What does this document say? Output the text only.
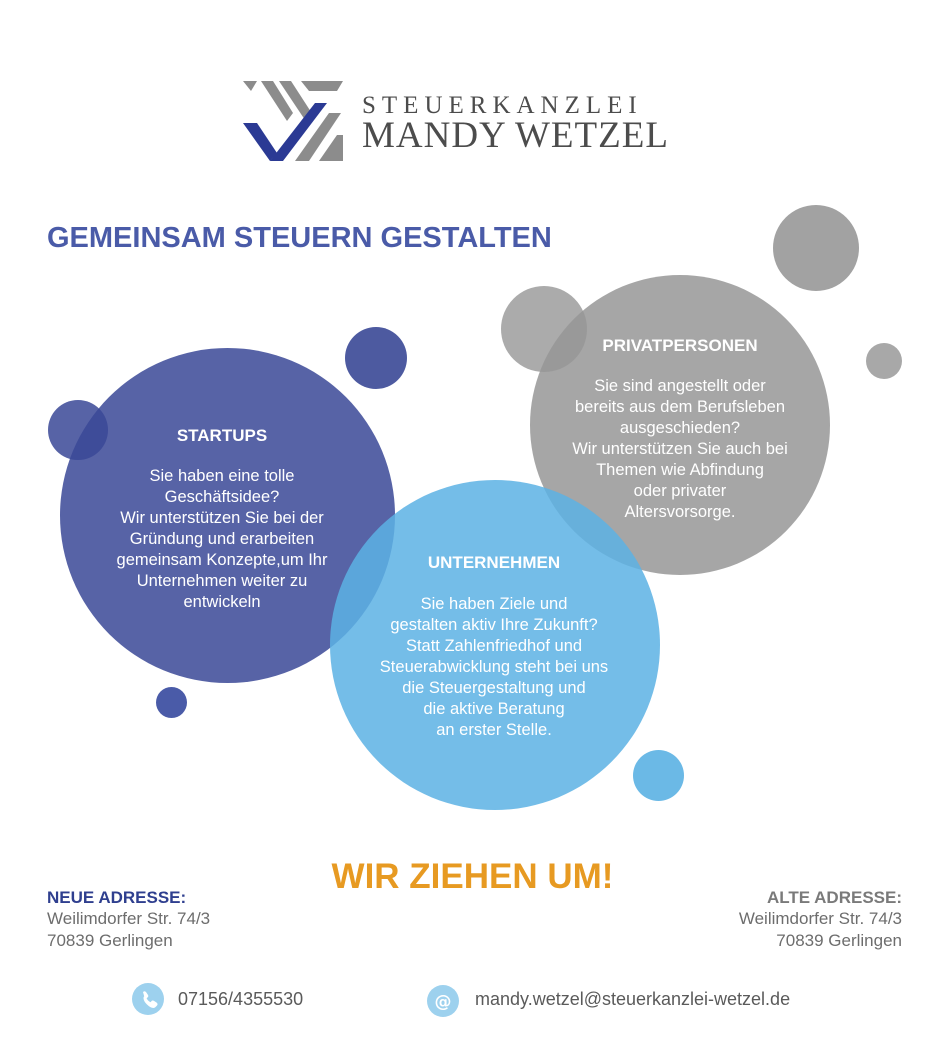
STEUERKANZLEI
MANDY WETZEL
GEMEINSAM STEUERN GESTALTEN
PRIVATPERSONEN
Sie sind angestellt oder
bereits aus dem Berufsleben
ausgeschieden?
Wir unterstützen Sie auch bei
Themen wie Abfindung
oder privater
Altersvorsorge.
STARTUPS
Sie haben eine tolle
Geschäftsidee?
Wir unterstützen Sie bei der
Gründung und erarbeiten
gemeinsam Konzepte,um Ihr
Unternehmen weiter zu
entwickeln
UNTERNEHMEN
Sie haben Ziele und
gestalten aktiv Ihre Zukunft?
Statt Zahlenfriedhof und
Steuerabwicklung steht bei uns
die Steuergestaltung und
die aktive Beratung
an erster Stelle.
WIR ZIEHEN UM!
NEUE ADRESSE:
Weilimdorfer Str. 74/3
70839 Gerlingen
ALTE ADRESSE:
Weilimdorfer Str. 74/3
70839 Gerlingen
07156/4355530	@ mandy.wetzel@steuerkanzlei-wetzel.de
